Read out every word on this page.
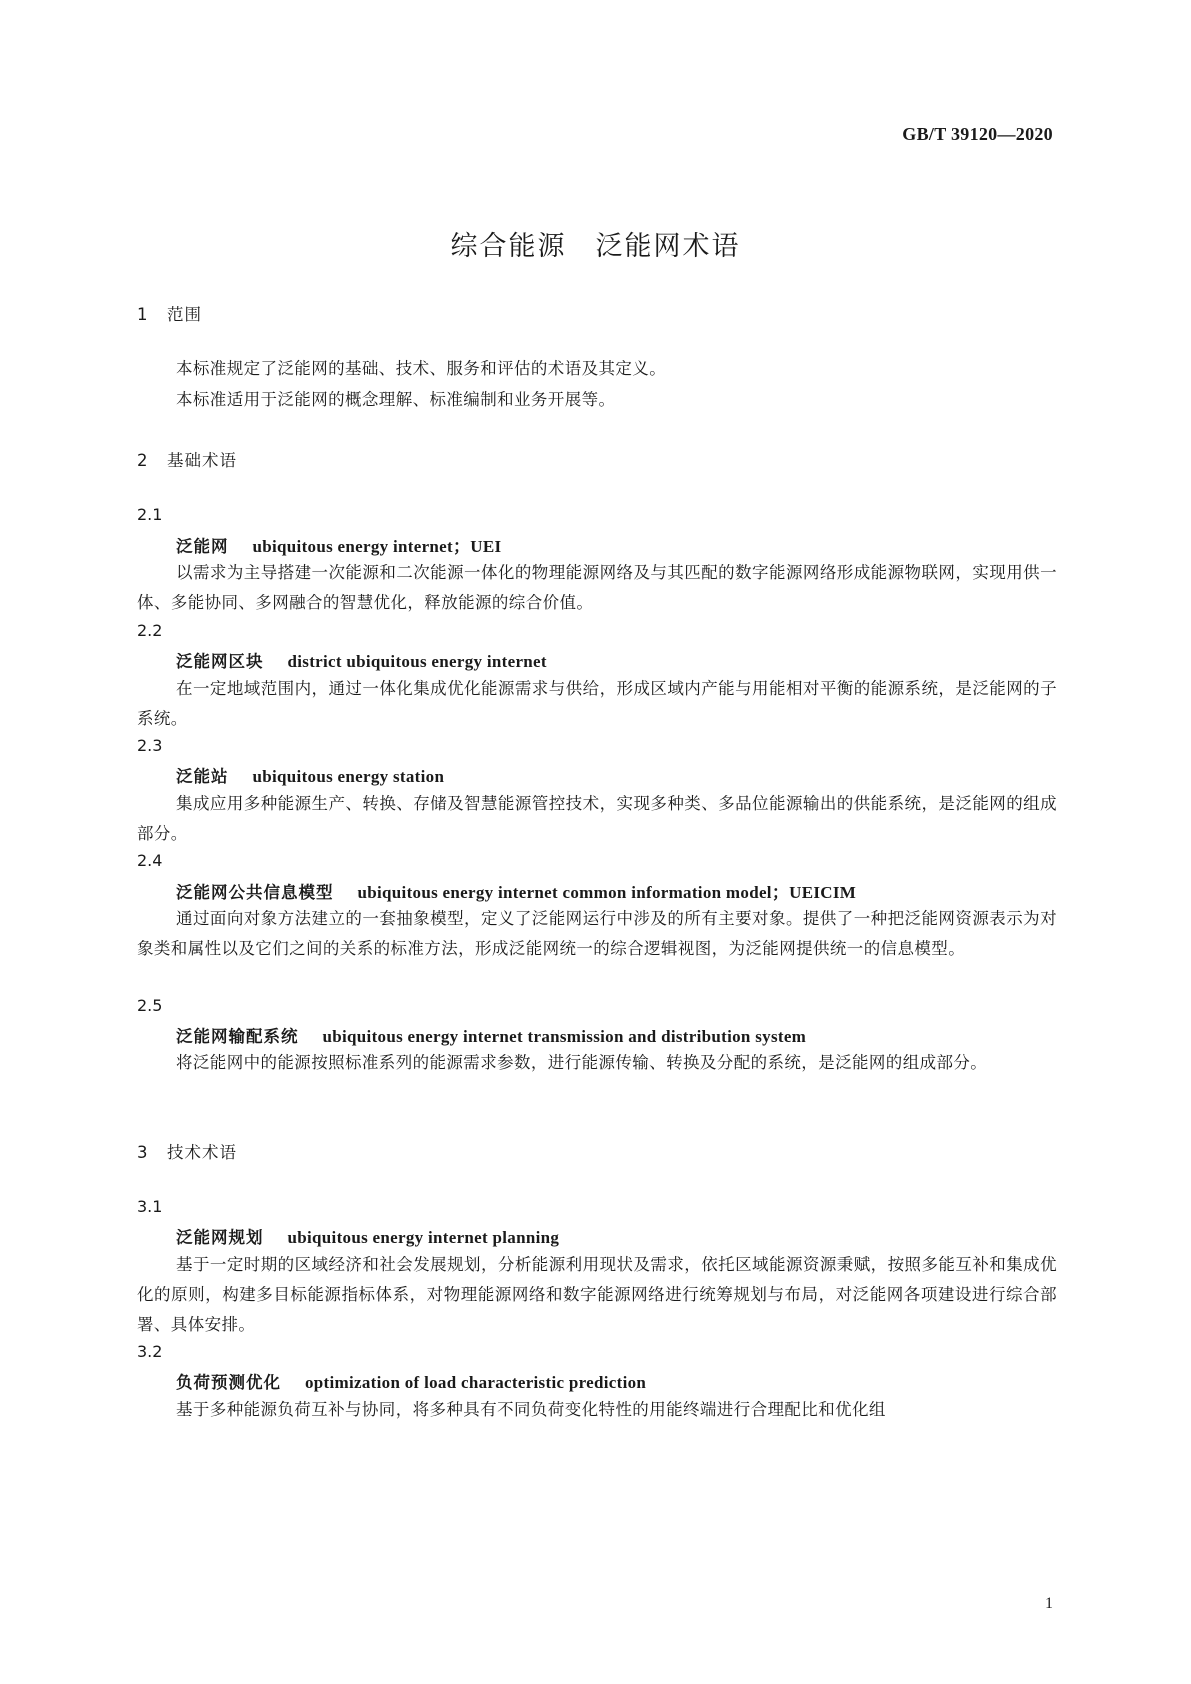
GB/T 39120—2020
综合能源　泛能网术语
1 范围
本标准规定了泛能网的基础、技术、服务和评估的术语及其定义。
本标准适用于泛能网的概念理解、标准编制和业务开展等。
2 基础术语
2.1
泛能网 ubiquitous energy internet；UEI
以需求为主导搭建一次能源和二次能源一体化的物理能源网络及与其匹配的数字能源网络形成能源物联网，实现用供一体、多能协同、多网融合的智慧优化，释放能源的综合价值。
2.2
泛能网区块 district ubiquitous energy internet
在一定地域范围内，通过一体化集成优化能源需求与供给，形成区域内产能与用能相对平衡的能源系统，是泛能网的子系统。
2.3
泛能站 ubiquitous energy station
集成应用多种能源生产、转换、存储及智慧能源管控技术，实现多种类、多品位能源输出的供能系统，是泛能网的组成部分。
2.4
泛能网公共信息模型 ubiquitous energy internet common information model；UEICIM
通过面向对象方法建立的一套抽象模型，定义了泛能网运行中涉及的所有主要对象。提供了一种把泛能网资源表示为对象类和属性以及它们之间的关系的标准方法，形成泛能网统一的综合逻辑视图，为泛能网提供统一的信息模型。
2.5
泛能网输配系统 ubiquitous energy internet transmission and distribution system
将泛能网中的能源按照标准系列的能源需求参数，进行能源传输、转换及分配的系统，是泛能网的组成部分。
3 技术术语
3.1
泛能网规划 ubiquitous energy internet planning
基于一定时期的区域经济和社会发展规划，分析能源利用现状及需求，依托区域能源资源秉赋，按照多能互补和集成优化的原则，构建多目标能源指标体系，对物理能源网络和数字能源网络进行统筹规划与布局，对泛能网各项建设进行综合部署、具体安排。
3.2
负荷预测优化 optimization of load characteristic prediction
基于多种能源负荷互补与协同，将多种具有不同负荷变化特性的用能终端进行合理配比和优化组
1
